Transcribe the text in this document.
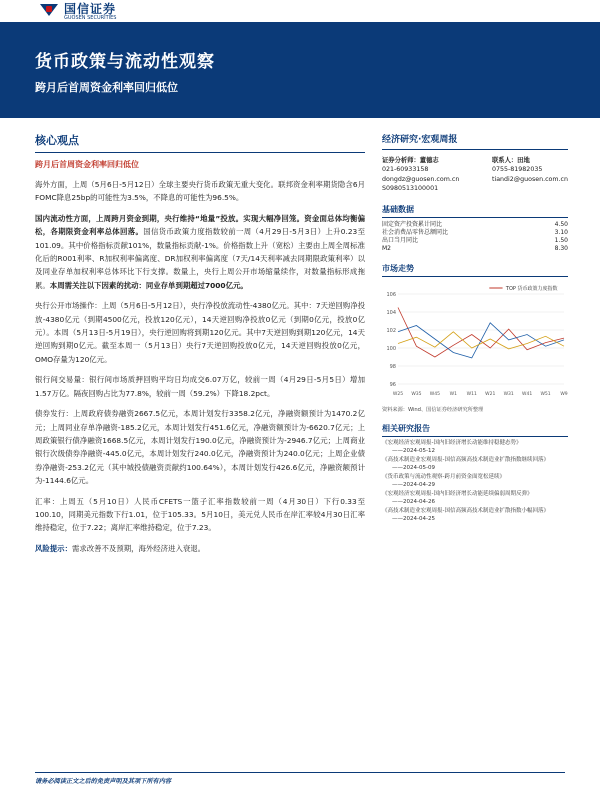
国信证券
GUOSEN SECURITIES
货币政策与流动性观察
跨月后首周资金利率回归低位
核心观点
跨月后首周资金利率回归低位
海外方面，上周（5月6日-5月12日）全球主要央行货币政策无重大变化。联邦资金利率期货隐含6月FOMC降息25bp的可能性为3.5%，不降息的可能性为96.5%。
国内流动性方面，上周跨月资金到期，央行维持“地量”投放。实现大幅净回笼。资金面总体均衡偏松，各期限资金利率总体回落。国信货币政策力度指数较前一周（4月29日-5月3日）上升0.23至101.09。其中价格指标贡献101%，数量指标贡献-1%。价格指数上升（宽松）主要由上周全周标准化后的R001利率、R加权利率偏离度、DR加权利率偏离度（7天/14天利率减去同期限政策利率）以及同业存单加权利率总体环比下行支撑。数量上，央行上周公开市场缩量续作，对数量指标形成拖累。本周需关注以下因素的扰动：同业存单到期超过7000亿元。
央行公开市场操作：上周（5月6日-5月12日），央行净投放流动性-4380亿元。其中：7天逆回购净投放-4380亿元（到期4500亿元，投放120亿元），14天逆回购净投放0亿元（到期0亿元，投放0亿元）。本周（5月13日-5月19日），央行逆回购将到期120亿元。其中7天逆回购到期120亿元，14天逆回购到期0亿元。截至本周一（5月13日）央行7天逆回购投放0亿元，14天逆回购投放0亿元，OMO存量为120亿元。
银行间交易量：银行间市场质押回购平均日均成交6.07万亿，较前一周（4月29日-5月5日）增加1.57万亿。隔夜回购占比为77.8%，较前一周（59.2%）下降18.2pct。
债券发行：上周政府债券融资2667.5亿元，本周计划发行3358.2亿元，净融资额预计为1470.2亿元；上周同业存单净融资-185.2亿元，本周计划发行451.6亿元，净融资额预计为-6620.7亿元；上周政策银行债净融资1668.5亿元，本周计划发行190.0亿元，净融资预计为-2946.7亿元；上周商业银行次级债券净融资-445.0亿元，本周计划发行240.0亿元，净融资预计为240.0亿元；上周企业债券净融资-253.2亿元（其中城投债融资贡献约100.64%），本周计划发行426.6亿元，净融资额预计为-1144.6亿元。
汇率：上周五（5月10日）人民币CFETS一篮子汇率指数较前一周（4月30日）下行0.33至100.10，同期美元指数下行1.01，位于105.33。5月10日，美元兑人民币在岸汇率较4月30日汇率维持稳定，位于7.22；离岸汇率维持稳定，位于7.23。
风险提示：需求改善不及预期，海外经济进入衰退。
经济研究·宏观周报
证券分析师：董德志
021-60933158
dongdz@guosen.com.cn
S0980513100001
联系人：田地
0755-81982035
tiandi2@guosen.com.cn
基础数据
固定资产投资累计同比	4.50
社会消费品零售总额同比	3.10
出口当月同比	1.50
M2	8.30
市场走势
96
98
100
102
104
106
W25 W35 W45 W1 W11 W21 W31 W41 W51 W9
TOP 货币政策力度指数
资料来源：Wind、国信证券经济研究所整理
相关研究报告
《宏观经济宏观周报-国内旧经济增长动能维持稳健态势》
——2024-05-12
《高技术制造业宏观周报-国信高频高技术制造业扩散指数继续回落》
——2024-05-09
《货币政策与流动性观察-跨月前资金面宽松延续》
——2024-04-29
《宏观经济宏观周报-国内旧经济增长动能延续偏弱周期反弹》
——2024-04-26
《高技术制造业宏观周报-国信高频高技术制造业扩散指数小幅回落》
——2024-04-25
请务必阅读正文之后的免责声明及其项下所有内容
